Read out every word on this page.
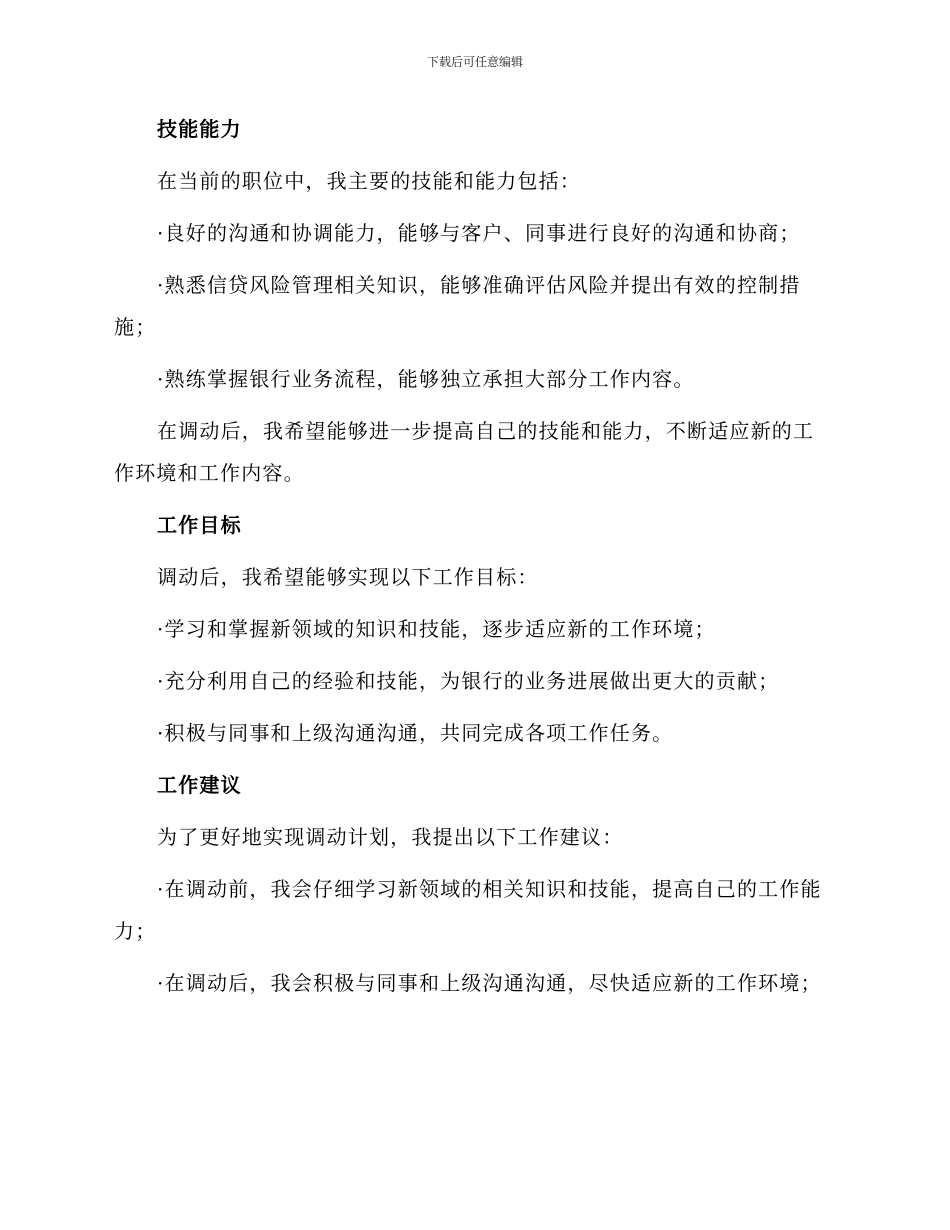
下载后可任意编辑
技能能力
在当前的职位中，我主要的技能和能力包括：
·良好的沟通和协调能力，能够与客户、同事进行良好的沟通和协商；
·熟悉信贷风险管理相关知识，能够准确评估风险并提出有效的控制措施；
·熟练掌握银行业务流程，能够独立承担大部分工作内容。
在调动后，我希望能够进一步提高自己的技能和能力，不断适应新的工作环境和工作内容。
工作目标
调动后，我希望能够实现以下工作目标：
·学习和掌握新领域的知识和技能，逐步适应新的工作环境；
·充分利用自己的经验和技能，为银行的业务进展做出更大的贡献；
·积极与同事和上级沟通沟通，共同完成各项工作任务。
工作建议
为了更好地实现调动计划，我提出以下工作建议：
·在调动前，我会仔细学习新领域的相关知识和技能，提高自己的工作能力；
·在调动后，我会积极与同事和上级沟通沟通，尽快适应新的工作环境；
